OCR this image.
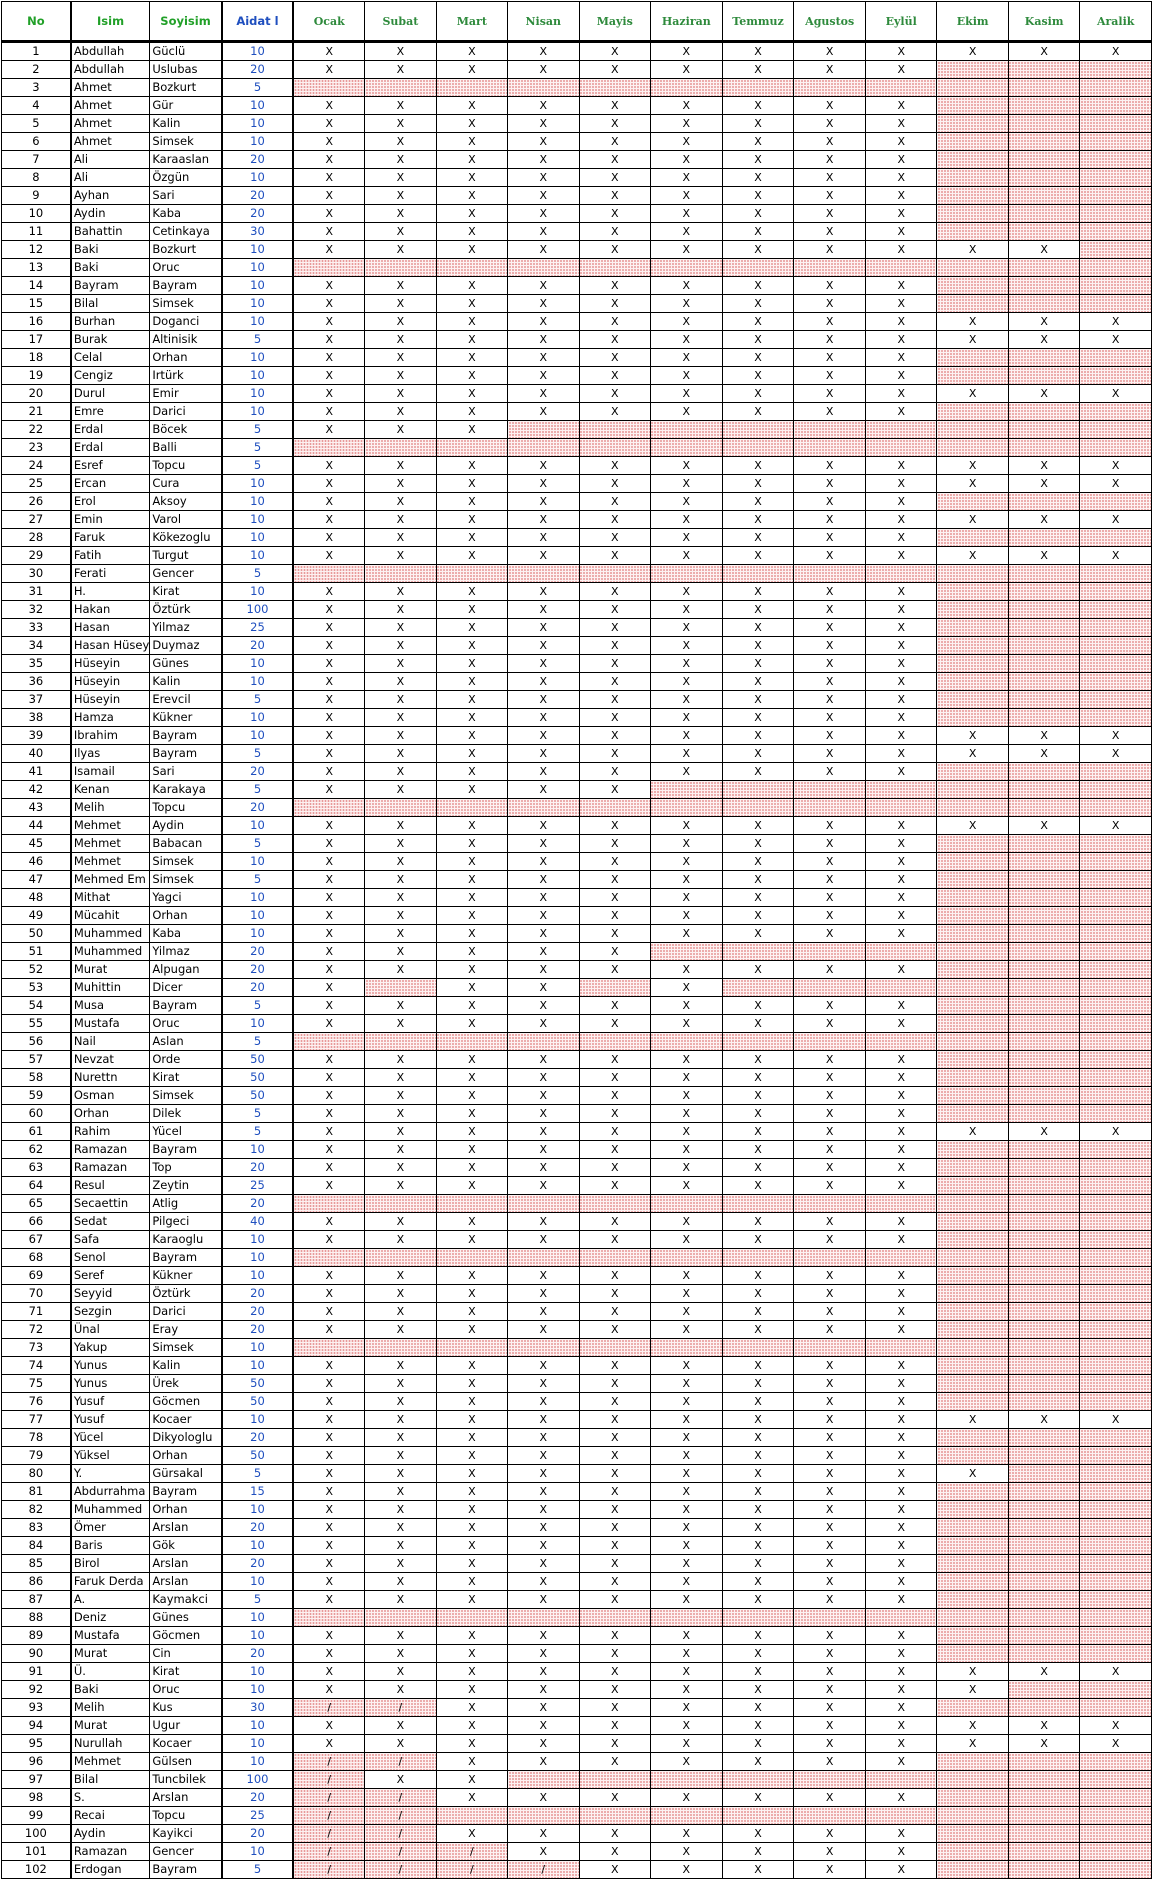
No	Isim	Soyisim	Aidat l	Ocak	Subat	Mart	Nisan	Mayis	Haziran	Temmuz	Agustos	Eylül	Ekim	Kasim	Aralik
1	Abdullah	Güclü	10	X	X	X	X	X	X	X	X	X	X	X	X
2	Abdullah	Uslubas	20	X	X	X	X	X	X	X	X	X			
3	Ahmet	Bozkurt	5												
4	Ahmet	Gür	10	X	X	X	X	X	X	X	X	X			
5	Ahmet	Kalin	10	X	X	X	X	X	X	X	X	X			
6	Ahmet	Simsek	10	X	X	X	X	X	X	X	X	X			
7	Ali	Karaaslan	20	X	X	X	X	X	X	X	X	X			
8	Ali	Özgün	10	X	X	X	X	X	X	X	X	X			
9	Ayhan	Sari	20	X	X	X	X	X	X	X	X	X			
10	Aydin	Kaba	20	X	X	X	X	X	X	X	X	X			
11	Bahattin	Cetinkaya	30	X	X	X	X	X	X	X	X	X			
12	Baki	Bozkurt	10	X	X	X	X	X	X	X	X	X	X	X	
13	Baki	Oruc	10												
14	Bayram	Bayram	10	X	X	X	X	X	X	X	X	X			
15	Bilal	Simsek	10	X	X	X	X	X	X	X	X	X			
16	Burhan	Doganci	10	X	X	X	X	X	X	X	X	X	X	X	X
17	Burak	Altinisik	5	X	X	X	X	X	X	X	X	X	X	X	X
18	Celal	Orhan	10	X	X	X	X	X	X	X	X	X			
19	Cengiz	Irtürk	10	X	X	X	X	X	X	X	X	X			
20	Durul	Emir	10	X	X	X	X	X	X	X	X	X	X	X	X
21	Emre	Darici	10	X	X	X	X	X	X	X	X	X			
22	Erdal	Böcek	5	X	X	X									
23	Erdal	Balli	5												
24	Esref	Topcu	5	X	X	X	X	X	X	X	X	X	X	X	X
25	Ercan	Cura	10	X	X	X	X	X	X	X	X	X	X	X	X
26	Erol	Aksoy	10	X	X	X	X	X	X	X	X	X			
27	Emin	Varol	10	X	X	X	X	X	X	X	X	X	X	X	X
28	Faruk	Kökezoglu	10	X	X	X	X	X	X	X	X	X			
29	Fatih	Turgut	10	X	X	X	X	X	X	X	X	X	X	X	X
30	Ferati	Gencer	5												
31	H.	Kirat	10	X	X	X	X	X	X	X	X	X			
32	Hakan	Öztürk	100	X	X	X	X	X	X	X	X	X			
33	Hasan	Yilmaz	25	X	X	X	X	X	X	X	X	X			
34	Hasan Hüsey	Duymaz	20	X	X	X	X	X	X	X	X	X			
35	Hüseyin	Günes	10	X	X	X	X	X	X	X	X	X			
36	Hüseyin	Kalin	10	X	X	X	X	X	X	X	X	X			
37	Hüseyin	Erevcil	5	X	X	X	X	X	X	X	X	X			
38	Hamza	Kükner	10	X	X	X	X	X	X	X	X	X			
39	Ibrahim	Bayram	10	X	X	X	X	X	X	X	X	X	X	X	X
40	Ilyas	Bayram	5	X	X	X	X	X	X	X	X	X	X	X	X
41	Isamail	Sari	20	X	X	X	X	X	X	X	X	X			
42	Kenan	Karakaya	5	X	X	X	X	X							
43	Melih	Topcu	20												
44	Mehmet	Aydin	10	X	X	X	X	X	X	X	X	X	X	X	X
45	Mehmet	Babacan	5	X	X	X	X	X	X	X	X	X			
46	Mehmet	Simsek	10	X	X	X	X	X	X	X	X	X			
47	Mehmed Em	Simsek	5	X	X	X	X	X	X	X	X	X			
48	Mithat	Yagci	10	X	X	X	X	X	X	X	X	X			
49	Mücahit	Orhan	10	X	X	X	X	X	X	X	X	X			
50	Muhammed	Kaba	10	X	X	X	X	X	X	X	X	X			
51	Muhammed	Yilmaz	20	X	X	X	X	X							
52	Murat	Alpugan	20	X	X	X	X	X	X	X	X	X			
53	Muhittin	Dicer	20	X		X	X		X						
54	Musa	Bayram	5	X	X	X	X	X	X	X	X	X			
55	Mustafa	Oruc	10	X	X	X	X	X	X	X	X	X			
56	Nail	Aslan	5												
57	Nevzat	Orde	50	X	X	X	X	X	X	X	X	X			
58	Nurettn	Kirat	50	X	X	X	X	X	X	X	X	X			
59	Osman	Simsek	50	X	X	X	X	X	X	X	X	X			
60	Orhan	Dilek	5	X	X	X	X	X	X	X	X	X			
61	Rahim	Yücel	5	X	X	X	X	X	X	X	X	X	X	X	X
62	Ramazan	Bayram	10	X	X	X	X	X	X	X	X	X			
63	Ramazan	Top	20	X	X	X	X	X	X	X	X	X			
64	Resul	Zeytin	25	X	X	X	X	X	X	X	X	X			
65	Secaettin	Atlig	20												
66	Sedat	Pilgeci	40	X	X	X	X	X	X	X	X	X			
67	Safa	Karaoglu	10	X	X	X	X	X	X	X	X	X			
68	Senol	Bayram	10												
69	Seref	Kükner	10	X	X	X	X	X	X	X	X	X			
70	Seyyid	Öztürk	20	X	X	X	X	X	X	X	X	X			
71	Sezgin	Darici	20	X	X	X	X	X	X	X	X	X			
72	Ünal	Eray	20	X	X	X	X	X	X	X	X	X			
73	Yakup	Simsek	10												
74	Yunus	Kalin	10	X	X	X	X	X	X	X	X	X			
75	Yunus	Ürek	50	X	X	X	X	X	X	X	X	X			
76	Yusuf	Göcmen	50	X	X	X	X	X	X	X	X	X			
77	Yusuf	Kocaer	10	X	X	X	X	X	X	X	X	X	X	X	X
78	Yücel	Dikyologlu	20	X	X	X	X	X	X	X	X	X			
79	Yüksel	Orhan	50	X	X	X	X	X	X	X	X	X			
80	Y.	Gürsakal	5	X	X	X	X	X	X	X	X	X	X		
81	Abdurrahma	Bayram	15	X	X	X	X	X	X	X	X	X			
82	Muhammed	Orhan	10	X	X	X	X	X	X	X	X	X			
83	Ömer	Arslan	20	X	X	X	X	X	X	X	X	X			
84	Baris	Gök	10	X	X	X	X	X	X	X	X	X			
85	Birol	Arslan	20	X	X	X	X	X	X	X	X	X			
86	Faruk Derda	Arslan	10	X	X	X	X	X	X	X	X	X			
87	A.	Kaymakci	5	X	X	X	X	X	X	X	X	X			
88	Deniz	Günes	10												
89	Mustafa	Göcmen	10	X	X	X	X	X	X	X	X	X			
90	Murat	Cin	20	X	X	X	X	X	X	X	X	X			
91	Ü.	Kirat	10	X	X	X	X	X	X	X	X	X	X	X	X
92	Baki	Oruc	10	X	X	X	X	X	X	X	X	X	X		
93	Melih	Kus	30	/	/	X	X	X	X	X	X	X			
94	Murat	Ugur	10	X	X	X	X	X	X	X	X	X	X	X	X
95	Nurullah	Kocaer	10	X	X	X	X	X	X	X	X	X	X	X	X
96	Mehmet	Gülsen	10	/	/	X	X	X	X	X	X	X			
97	Bilal	Tuncbilek	100	/	X	X									
98	S.	Arslan	20	/	/	X	X	X	X	X	X	X			
99	Recai	Topcu	25	/	/										
100	Aydin	Kayikci	20	/	/	X	X	X	X	X	X	X			
101	Ramazan	Gencer	10	/	/	/	X	X	X	X	X	X			
102	Erdogan	Bayram	5	/	/	/	/	X	X	X	X	X			
